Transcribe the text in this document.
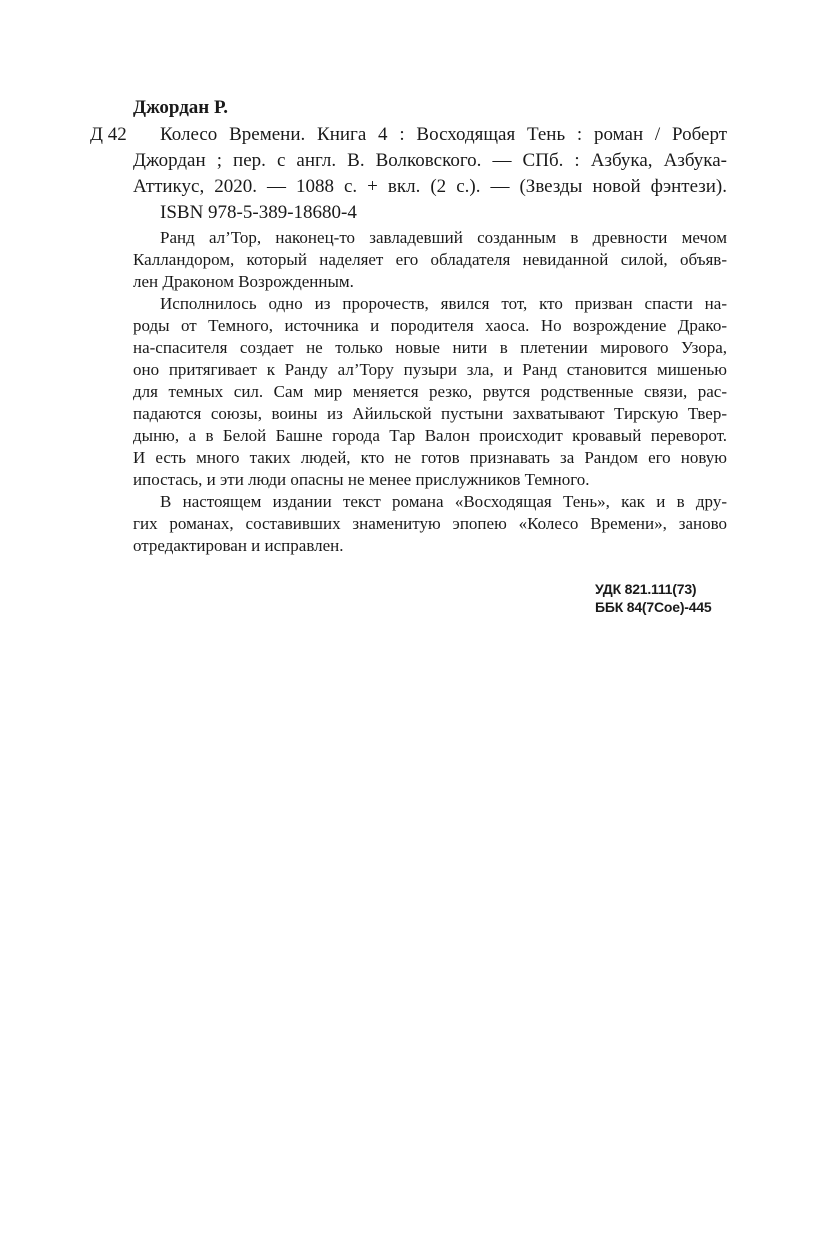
Джордан Р.
Д 42 Колесо Времени. Книга 4 : Восходящая Тень : роман / Роберт
Джордан ; пер. с англ. В. Волковского. — СПб. : Азбука, Азбука-
Аттикус, 2020. — 1088 с. + вкл. (2 с.). — (Звезды новой фэнтези).
ISBN 978-5-389-18680-4
Ранд ал’Тор, наконец-то завладевший созданным в древности мечом
Калландором, который наделяет его обладателя невиданной силой, объяв-
лен Драконом Возрожденным.
Исполнилось одно из пророчеств, явился тот, кто призван спасти на-
роды от Темного, источника и породителя хаоса. Но возрождение Драко-
на-спасителя создает не только новые нити в плетении мирового Узора,
оно притягивает к Ранду ал’Тору пузыри зла, и Ранд становится мишенью
для темных сил. Сам мир меняется резко, рвутся родственные связи, рас-
падаются союзы, воины из Айильской пустыни захватывают Тирскую Твер-
дыню, а в Белой Башне города Тар Валон происходит кровавый переворот.
И есть много таких людей, кто не готов признавать за Рандом его новую
ипостась, и эти люди опасны не менее прислужников Темного.
В настоящем издании текст романа «Восходящая Тень», как и в дру-
гих романах, составивших знаменитую эпопею «Колесо Времени», заново
отредактирован и исправлен.
УДК 821.111(73)
ББК 84(7Сое)-445
